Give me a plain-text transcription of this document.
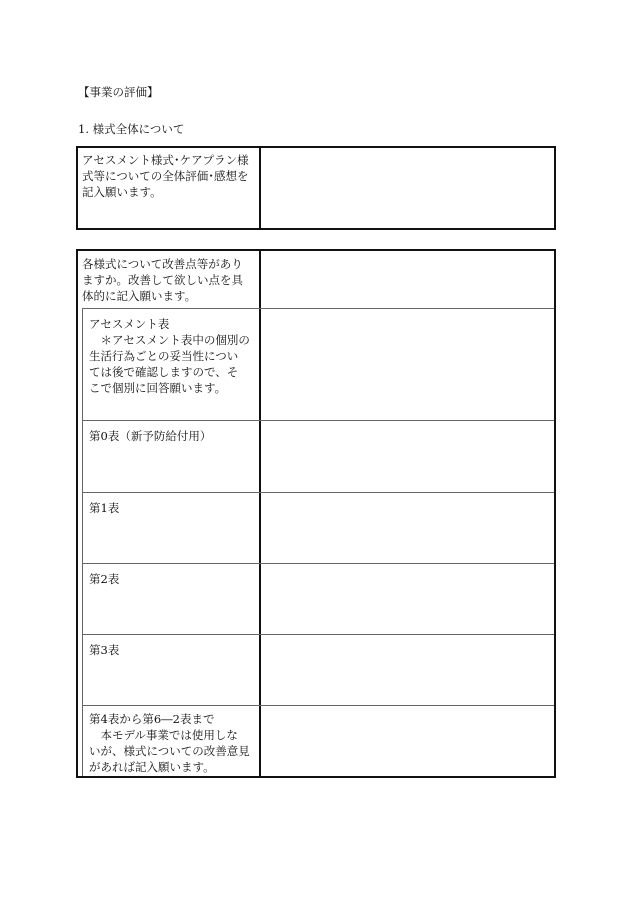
【事業の評価】
1. 様式全体について
アセスメント様式･ケアプラン様
式等についての全体評価･感想を
記入願います。
各様式について改善点等があり
ますか。改善して欲しい点を具
体的に記入願います。
アセスメント表
　＊アセスメント表中の個別の
生活行為ごとの妥当性につい
ては後で確認しますので、そ
こで個別に回答願います。
第0表（新予防給付用）
第1表
第2表
第3表
第4表から第6―2表まで
　本モデル事業では使用しな
いが、様式についての改善意見
があれば記入願います。
